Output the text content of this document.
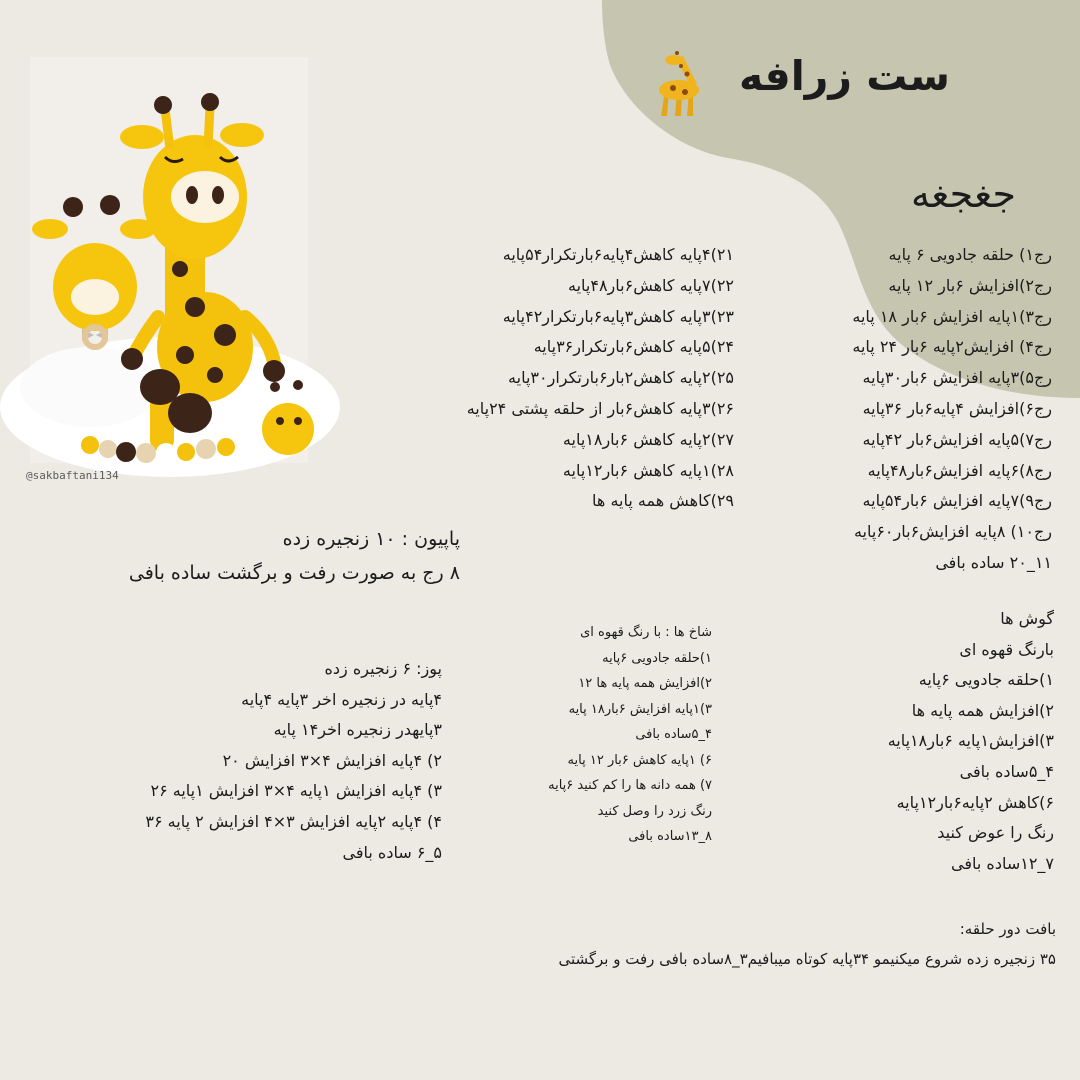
@sakbaftani134
ست زرافه
جغجغه
رج۱) حلقه جادویی ۶ پایه
رج۲)افزایش ۶بار ۱۲ پایه
رج۳)۱پایه افزایش ۶بار ۱۸ پایه
رج۴) افزایش۲پایه ۶بار ۲۴ پایه
رج۵)۳پایه افزایش ۶بار۳۰پایه
رج۶)افزایش ۴پایه۶بار ۳۶پایه
رج۷)۵پایه افزایش۶بار ۴۲پایه
رج۸)۶پایه افزایش۶بار۴۸پایه
رج۹)۷پایه افزایش ۶بار۵۴پایه
رج۱۰) ۸پایه افزایش۶بار۶۰پایه
۱۱_۲۰ ساده بافی
۲۱)۴پایه کاهش۴پایه۶بارتکرار۵۴پایه
۲۲)۷پایه کاهش۶بار۴۸پایه
۲۳)۳پایه کاهش۳پایه۶بارتکرار۴۲پایه
۲۴)۵پایه کاهش۶بارتکرار۳۶پایه
۲۵)۲پایه کاهش۲بار۶بارتکرار۳۰پایه
۲۶)۳پایه کاهش۶بار از حلقه پشتی ۲۴پایه
۲۷)۲پایه کاهش ۶بار۱۸پایه
۲۸)۱پایه کاهش ۶بار۱۲پایه
۲۹)کاهش همه پایه ها
پاپیون : ۱۰ زنجیره زده
۸ رج به صورت رفت و برگشت ساده بافی
پوز: ۶ زنجیره زده
۴پایه در زنجیره اخر ۳پایه ۴پایه
۳پایهدر زنجیره اخر۱۴ پایه
۲) ۴پایه افزایش ۴×۳ افزایش ۲۰
۳) ۴پایه افزایش ۱پایه ۴×۳ افزایش ۱پایه ۲۶
۴) ۴پایه ۲پایه افزایش ۳×۴ افزایش ۲ پایه ۳۶
۵_۶ ساده بافی
شاخ ها : با رنگ قهوه ای
۱)حلقه جادویی ۶پایه
۲)افزایش همه پایه ها ۱۲
۳)۱پایه افزایش ۶بار۱۸ پایه
۴_۵ساده بافی
۶) ۱پایه کاهش ۶بار ۱۲ پایه
۷) همه دانه ها را کم کنید ۶پایه
رنگ زرد را وصل کنید
۸_۱۳ساده بافی
گوش ها
بارنگ قهوه ای
۱)حلقه جادویی ۶پایه
۲)افزایش همه پایه ها
۳)افزایش۱پایه ۶بار۱۸پایه
۴_۵ساده بافی
۶)کاهش ۲پایه۶بار۱۲پایه
رنگ را عوض کنید
۷_۱۲ساده بافی
بافت دور حلقه:
۳۵ زنجیره زده شروع میکنیمو ۳۴پایه کوتاه میبافیم۳_۸ساده بافی رفت و برگشتی
